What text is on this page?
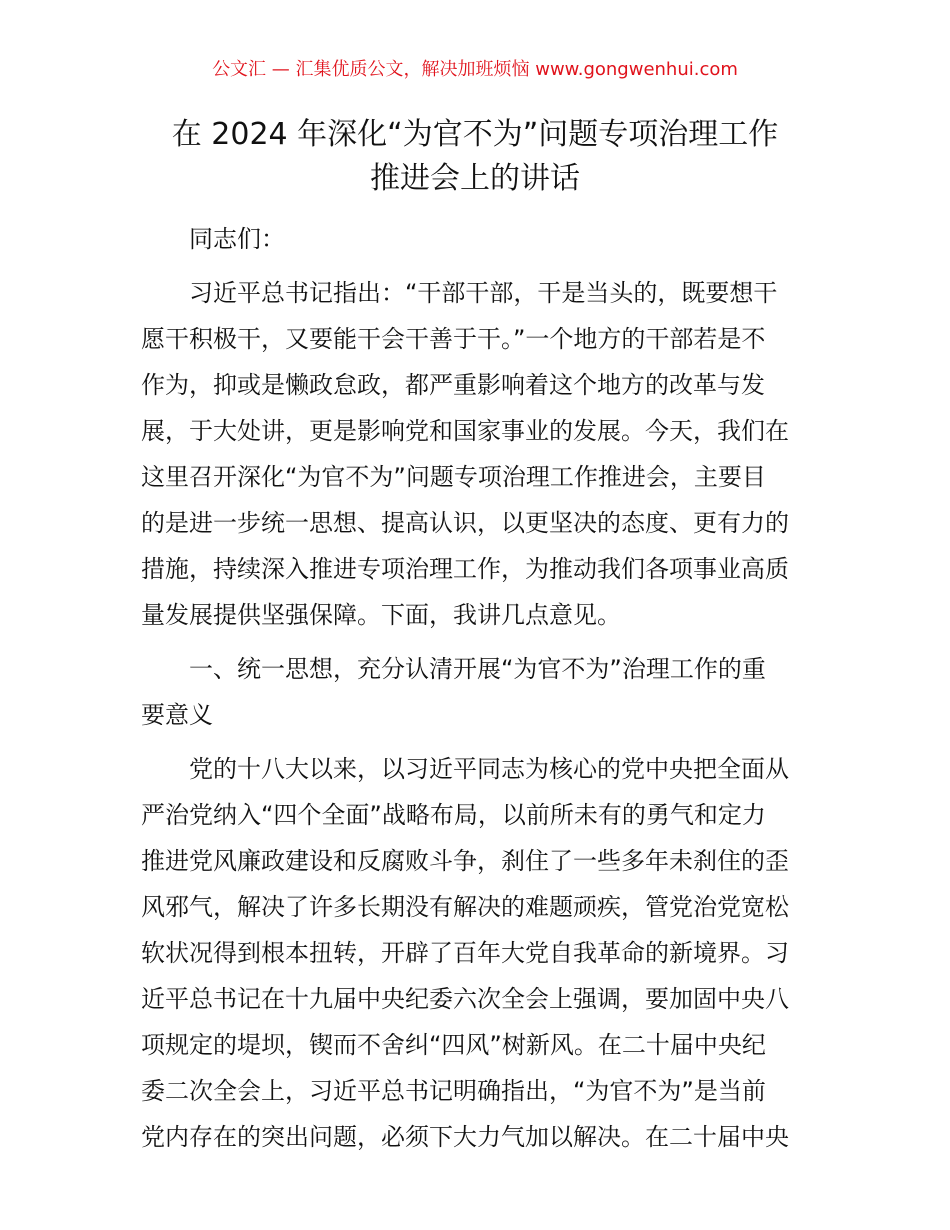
公文汇 — 汇集优质公文，解决加班烦恼 www.gongwenhui.com
在 2024 年深化“为官不为”问题专项治理工作
推进会上的讲话
同志们：
习近平总书记指出：“干部干部，干是当头的，既要想干
愿干积极干，又要能干会干善于干。”一个地方的干部若是不
作为，抑或是懒政怠政，都严重影响着这个地方的改革与发
展，于大处讲，更是影响党和国家事业的发展。今天，我们在
这里召开深化“为官不为”问题专项治理工作推进会，主要目
的是进一步统一思想、提高认识，以更坚决的态度、更有力的
措施，持续深入推进专项治理工作，为推动我们各项事业高质
量发展提供坚强保障。下面，我讲几点意见。
一、统一思想，充分认清开展“为官不为”治理工作的重
要意义
党的十八大以来，以习近平同志为核心的党中央把全面从
严治党纳入“四个全面”战略布局，以前所未有的勇气和定力
推进党风廉政建设和反腐败斗争，刹住了一些多年未刹住的歪
风邪气，解决了许多长期没有解决的难题顽疾，管党治党宽松
软状况得到根本扭转，开辟了百年大党自我革命的新境界。习
近平总书记在十九届中央纪委六次全会上强调，要加固中央八
项规定的堤坝，锲而不舍纠“四风”树新风。在二十届中央纪
委二次全会上，习近平总书记明确指出，“为官不为”是当前
党内存在的突出问题，必须下大力气加以解决。在二十届中央
